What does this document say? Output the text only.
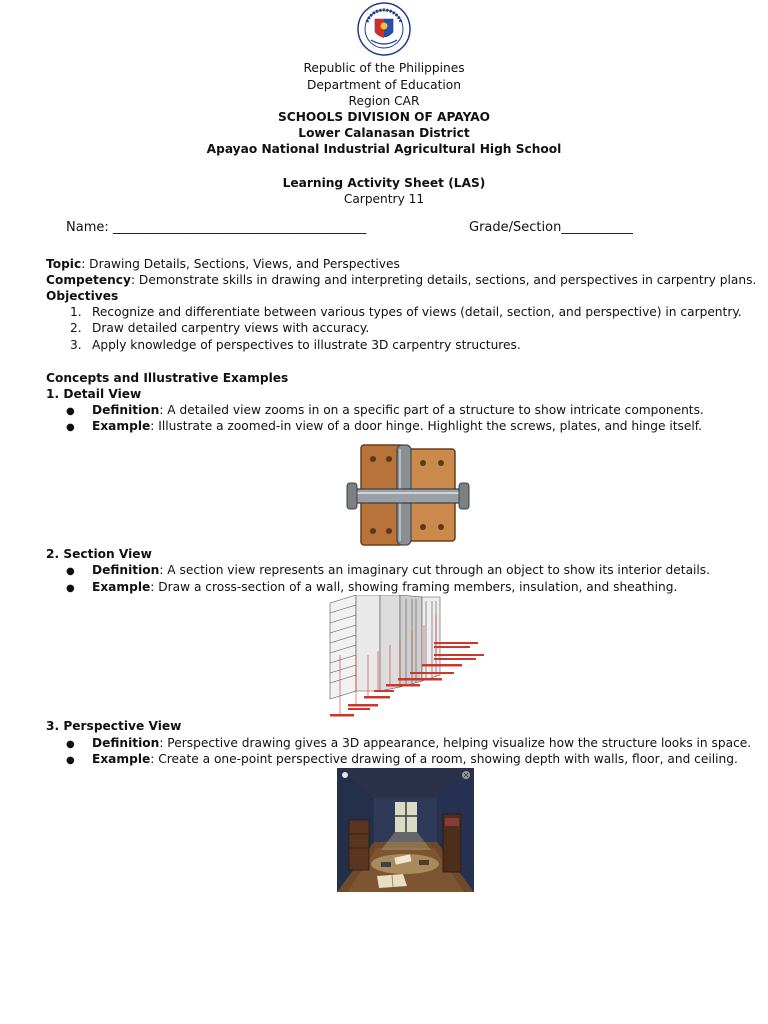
Republic of the Philippines
Department of Education
Region CAR
SCHOOLS DIVISION OF APAYAO
Lower Calanasan District
Apayao National Industrial Agricultural High School
Learning Activity Sheet (LAS)
Carpentry 11
Name: _______________________________________	Grade/Section___________
Topic: Drawing Details, Sections, Views, and Perspectives
Competency: Demonstrate skills in drawing and interpreting details, sections, and perspectives in carpentry plans.
Objectives
1. Recognize and differentiate between various types of views (detail, section, and perspective) in carpentry.
2. Draw detailed carpentry views with accuracy.
3. Apply knowledge of perspectives to illustrate 3D carpentry structures.
Concepts and Illustrative Examples
1. Detail View
● Definition: A detailed view zooms in on a specific part of a structure to show intricate components.
● Example: Illustrate a zoomed-in view of a door hinge. Highlight the screws, plates, and hinge itself.
2. Section View
● Definition: A section view represents an imaginary cut through an object to show its interior details.
● Example: Draw a cross-section of a wall, showing framing members, insulation, and sheathing.
3. Perspective View
● Definition: Perspective drawing gives a 3D appearance, helping visualize how the structure looks in space.
● Example: Create a one-point perspective drawing of a room, showing depth with walls, floor, and ceiling.
